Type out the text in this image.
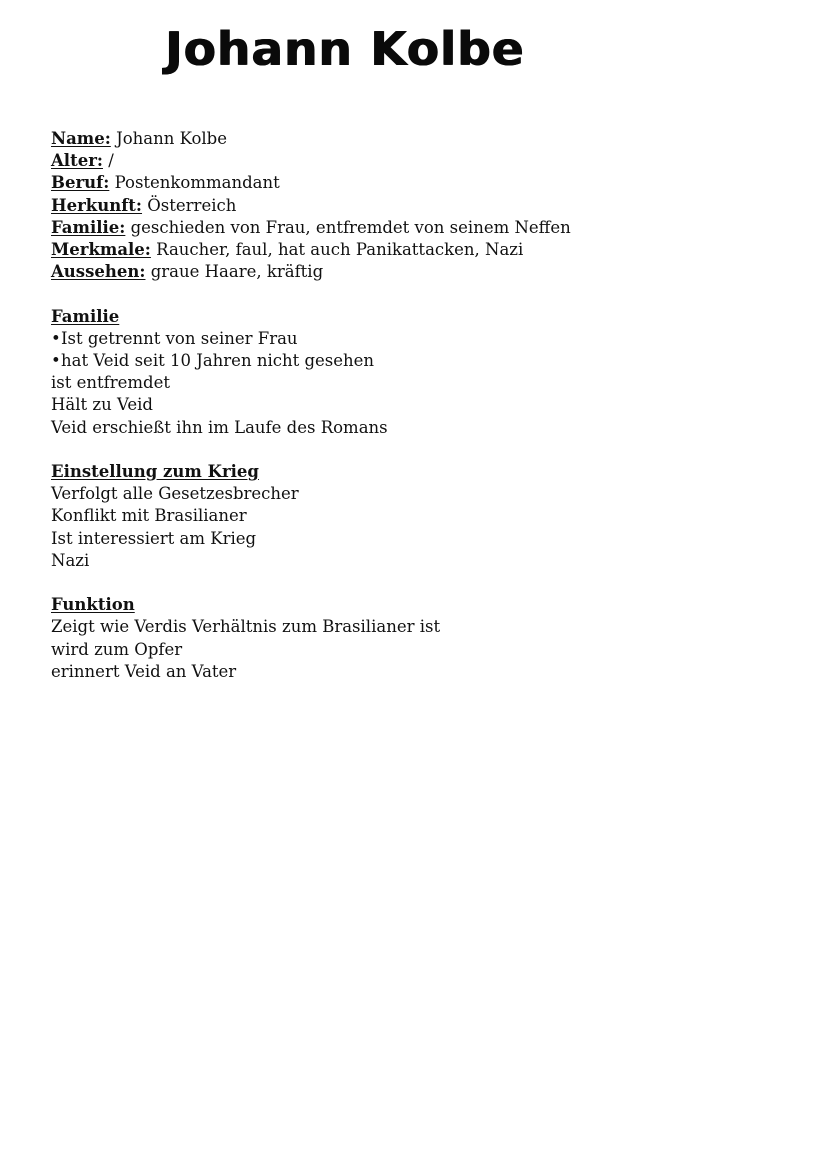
Johann Kolbe
Name: Johann Kolbe
Alter: /
Beruf: Postenkommandant
Herkunft: Österreich
Familie: geschieden von Frau, entfremdet von seinem Neffen
Merkmale: Raucher, faul, hat auch Panikattacken, Nazi
Aussehen: graue Haare, kräftig
Familie
•Ist getrennt von seiner Frau
•hat Veid seit 10 Jahren nicht gesehen
ist entfremdet
Hält zu Veid
Veid erschießt ihn im Laufe des Romans
Einstellung zum Krieg
Verfolgt alle Gesetzesbrecher
Konflikt mit Brasilianer
Ist interessiert am Krieg
Nazi
Funktion
Zeigt wie Verdis Verhältnis zum Brasilianer ist
wird zum Opfer
erinnert Veid an Vater
